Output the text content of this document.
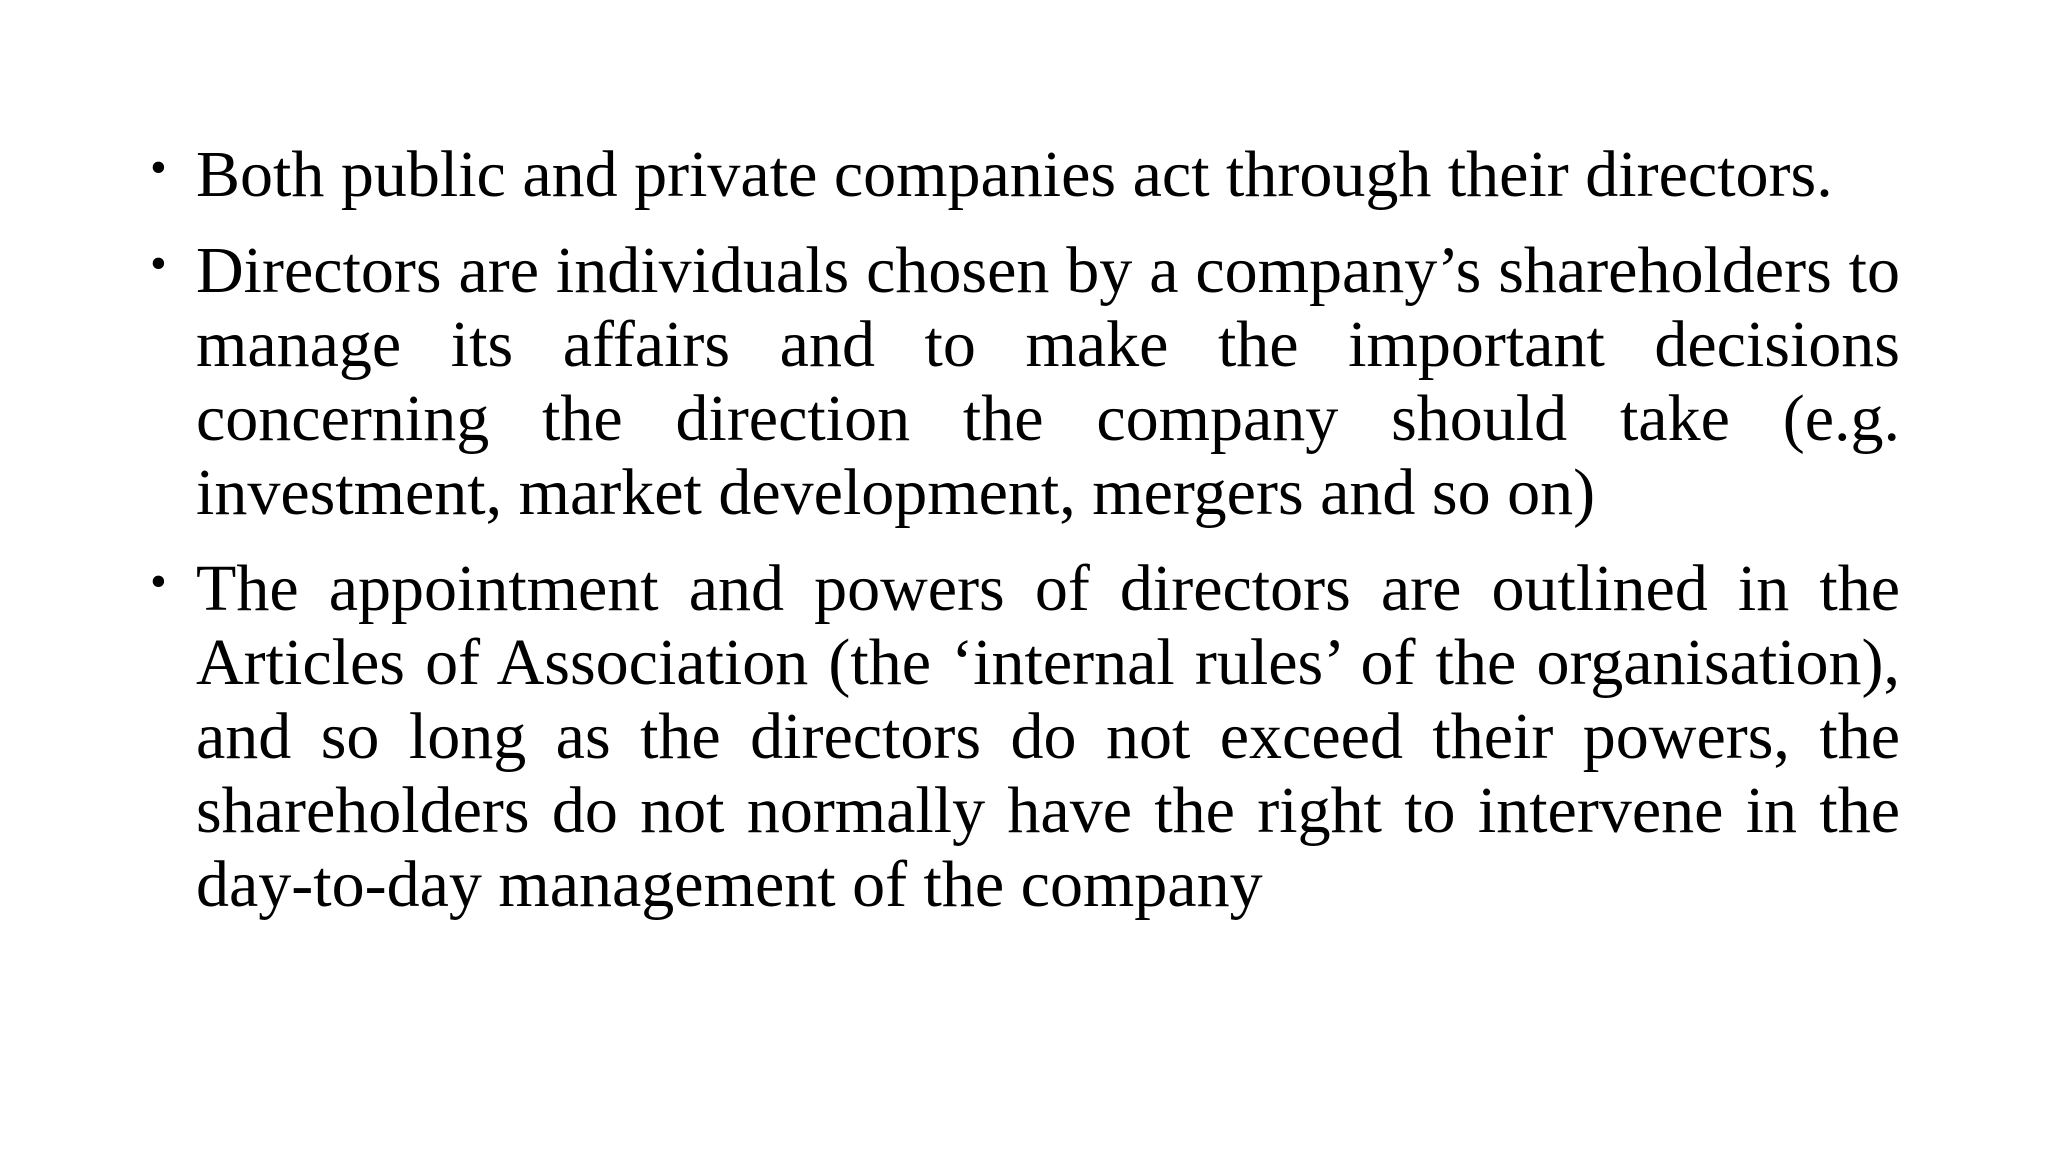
• Both public and private companies act through their directors.
• Directors are individuals chosen by a company’s shareholders to manage its affairs and to make the important decisions concerning the direction the company should take (e.g. investment, market development, mergers and so on)
• The appointment and powers of directors are outlined in the Articles of Association (the ‘internal rules’ of the organisation), and so long as the directors do not exceed their powers, the shareholders do not normally have the right to intervene in the day-to-day management of the company
